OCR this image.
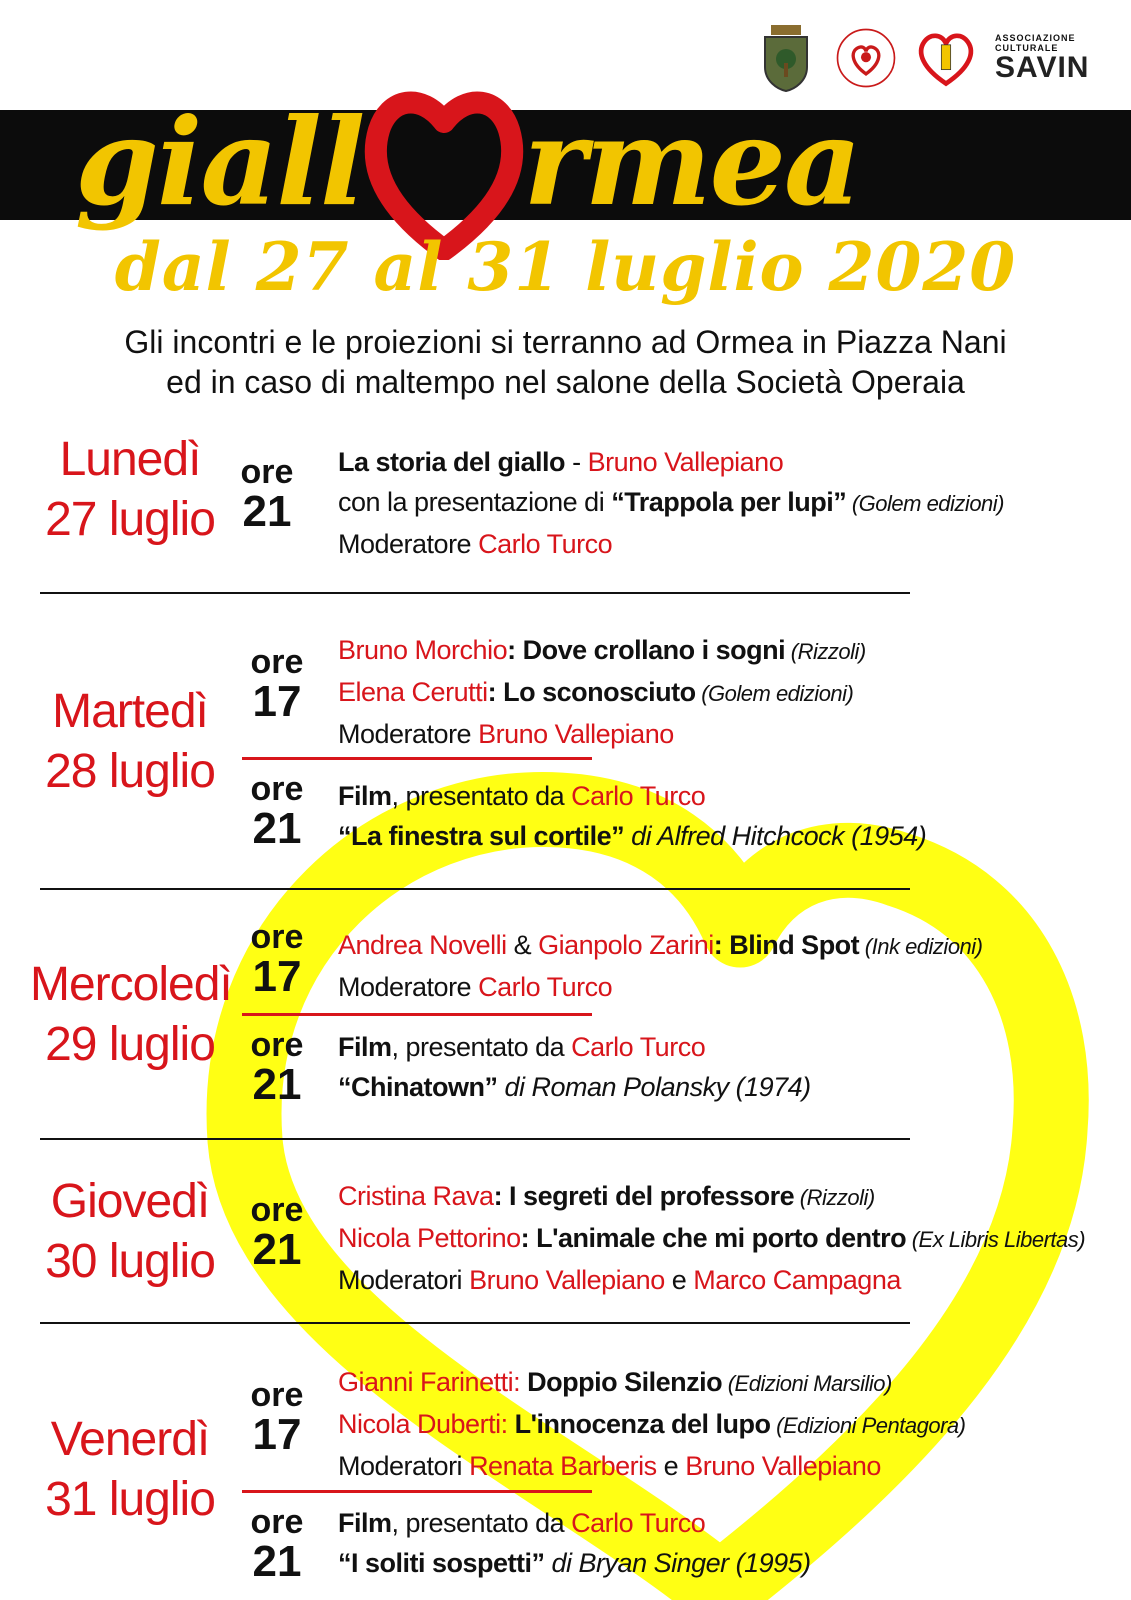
ASSOCIAZIONE CULTURALE
SAVIN
giall rmea
dal 27 al 31 luglio 2020
Gli incontri e le proiezioni si terranno ad Ormea in Piazza Nani
ed in caso di maltempo nel salone della Società Operaia
Lunedì
27 luglio
ore
21
La storia del giallo - Bruno Vallepiano
con la presentazione di “Trappola per lupi” (Golem edizioni)
Moderatore Carlo Turco
Martedì
28 luglio
ore
17
Bruno Morchio: Dove crollano i sogni (Rizzoli)
Elena Cerutti: Lo sconosciuto (Golem edizioni)
Moderatore Bruno Vallepiano
ore
21
Film, presentato da Carlo Turco
“La finestra sul cortile” di Alfred Hitchcock (1954)
Mercoledì
29 luglio
ore
17
Andrea Novelli & Gianpolo Zarini: Blind Spot (Ink edizioni)
Moderatore Carlo Turco
ore
21
Film, presentato da Carlo Turco
“Chinatown” di Roman Polansky (1974)
Giovedì
30 luglio
ore
21
Cristina Rava: I segreti del professore (Rizzoli)
Nicola Pettorino: L'animale che mi porto dentro (Ex Libris Libertas)
Moderatori Bruno Vallepiano e Marco Campagna
Venerdì
31 luglio
ore
17
Gianni Farinetti: Doppio Silenzio (Edizioni Marsilio)
Nicola Duberti: L'innocenza del lupo (Edizioni Pentagora)
Moderatori Renata Barberis e Bruno Vallepiano
ore
21
Film, presentato da Carlo Turco
“I soliti sospetti” di Bryan Singer (1995)
